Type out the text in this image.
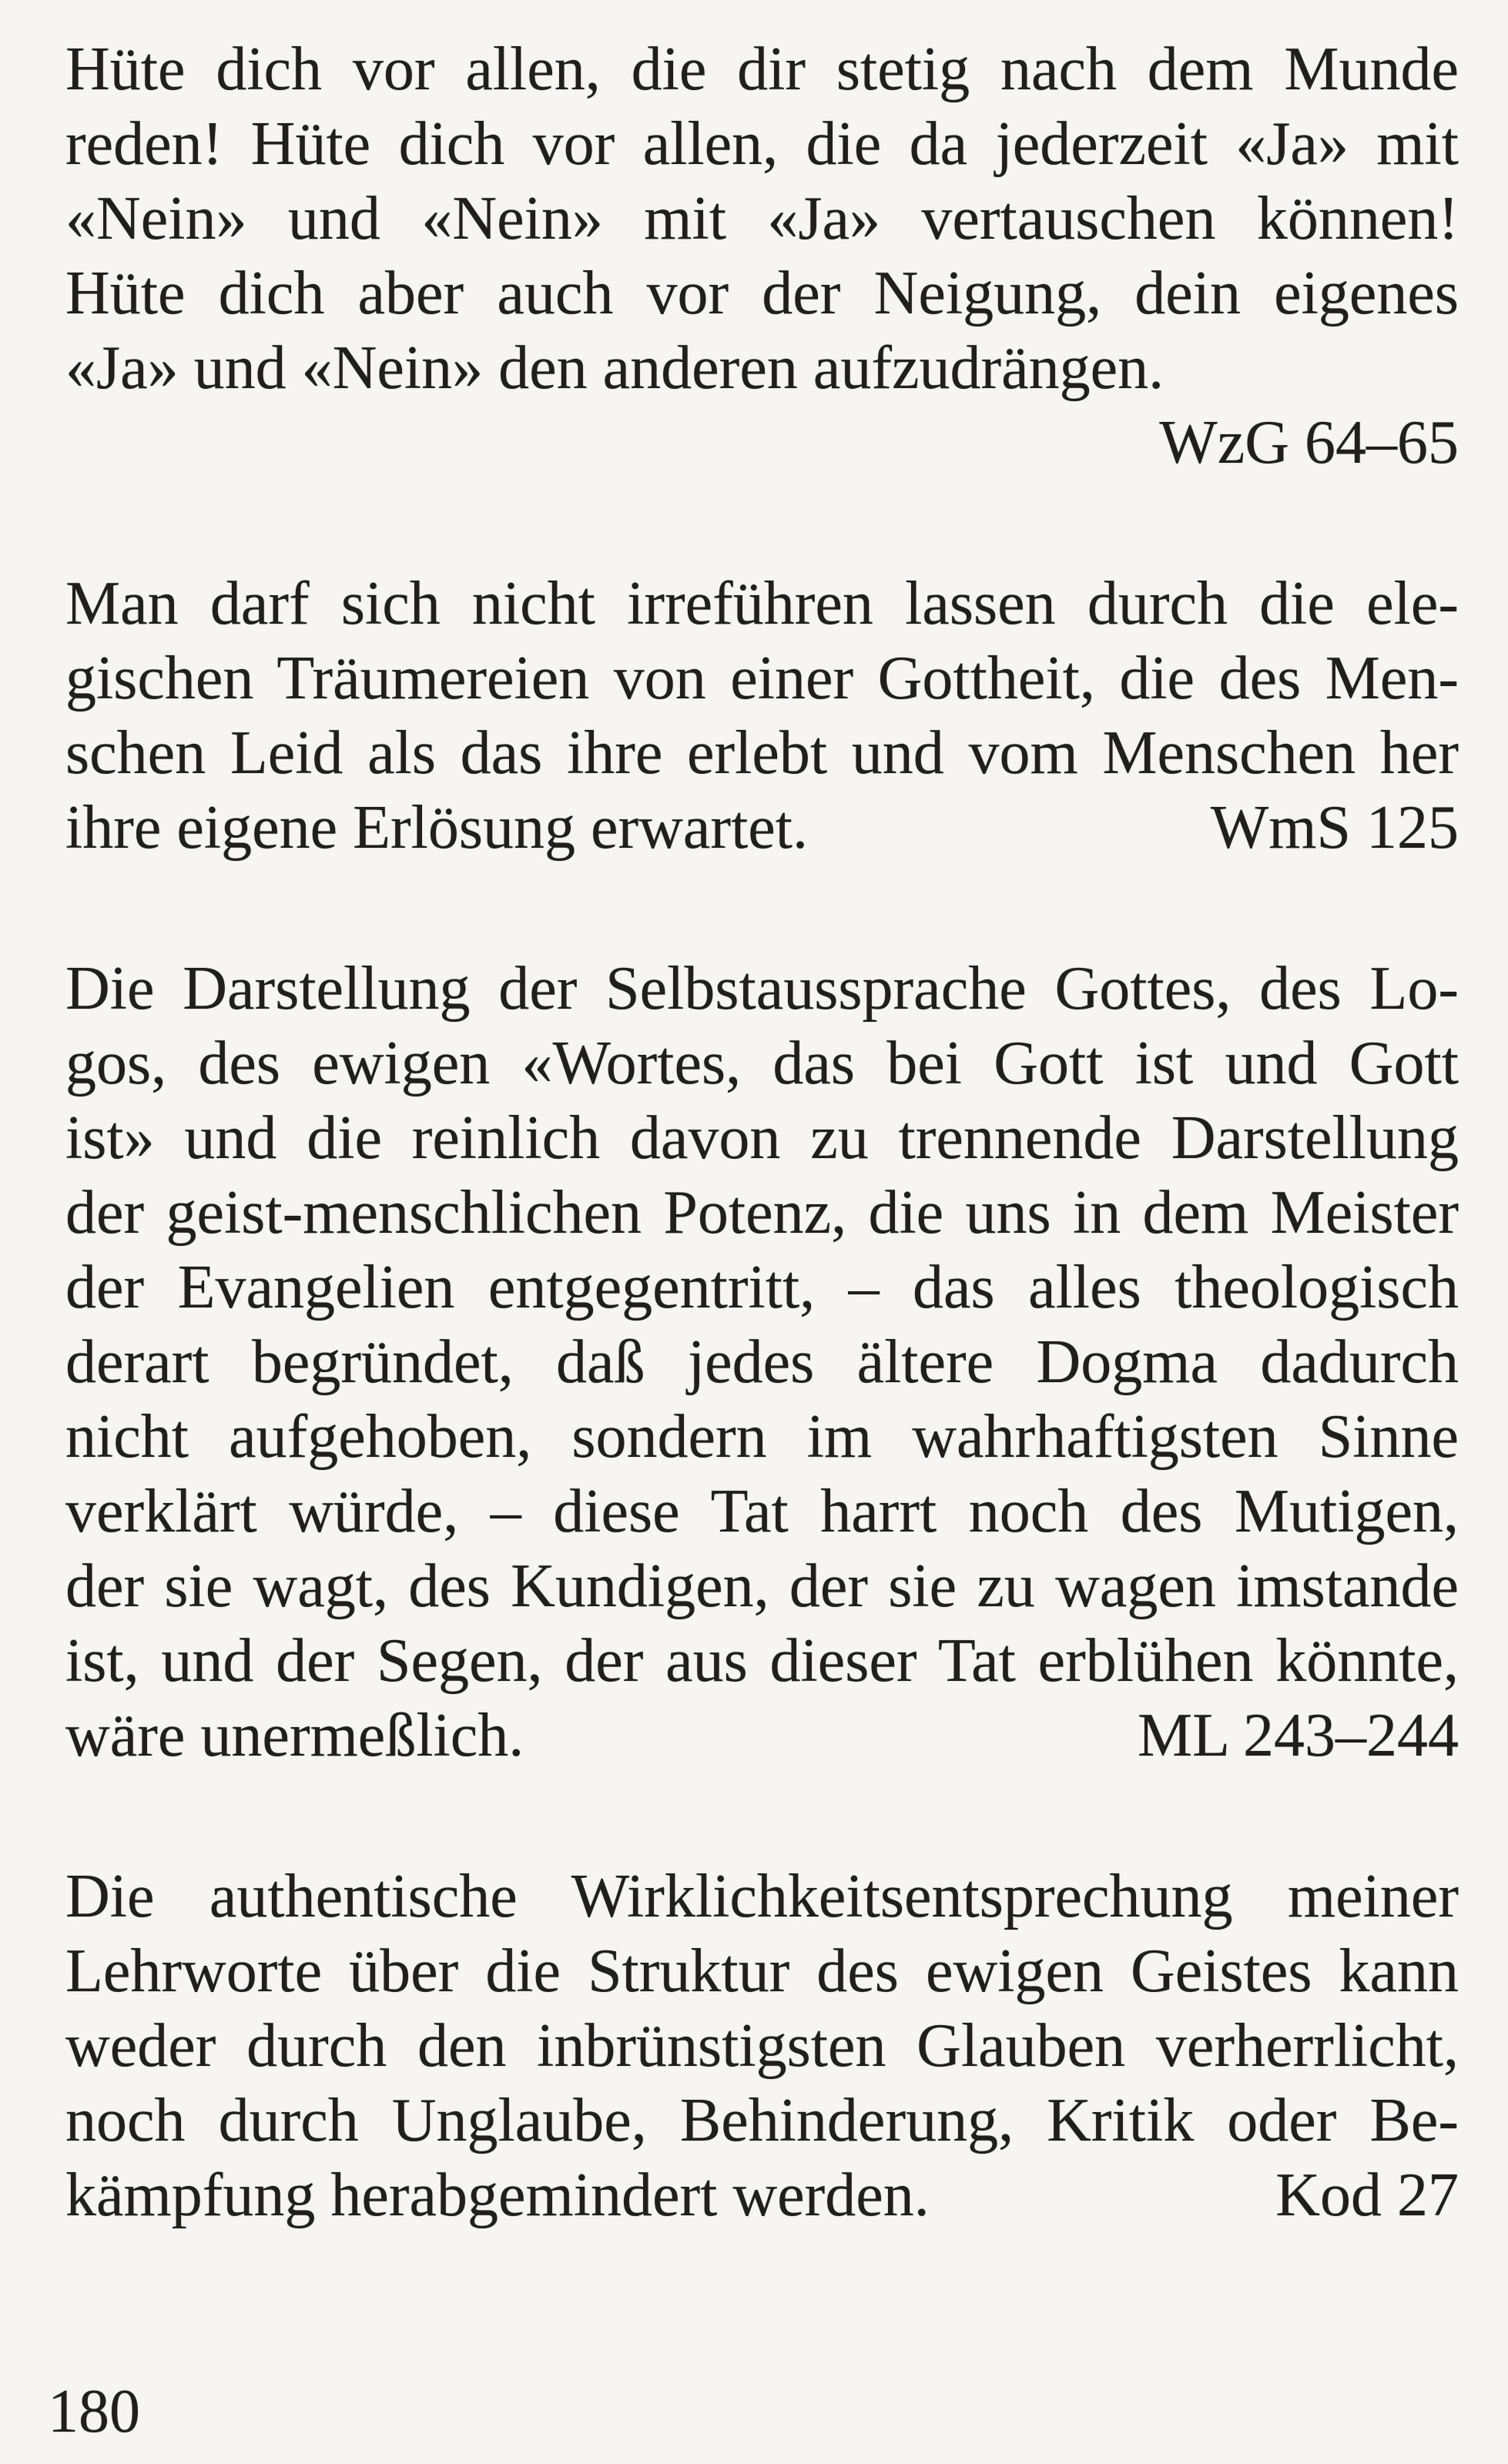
Hüte dich vor allen, die dir stetig nach dem Munde
reden! Hüte dich vor allen, die da jederzeit «Ja» mit
«Nein» und «Nein» mit «Ja» vertauschen können!
Hüte dich aber auch vor der Neigung, dein eigenes
«Ja» und «Nein» den anderen aufzudrängen.
WzG 64–65
Man darf sich nicht irreführen lassen durch die ele-
gischen Träumereien von einer Gottheit, die des Men-
schen Leid als das ihre erlebt und vom Menschen her
ihre eigene Erlösung erwartet.	WmS 125
Die Darstellung der Selbstaussprache Gottes, des Lo-
gos, des ewigen «Wortes, das bei Gott ist und Gott
ist» und die reinlich davon zu trennende Darstellung
der geist-menschlichen Potenz, die uns in dem Meister
der Evangelien entgegentritt, – das alles theologisch
derart begründet, daß jedes ältere Dogma dadurch
nicht aufgehoben, sondern im wahrhaftigsten Sinne
verklärt würde, – diese Tat harrt noch des Mutigen,
der sie wagt, des Kundigen, der sie zu wagen imstande
ist, und der Segen, der aus dieser Tat erblühen könnte,
wäre unermeßlich.	ML 243–244
Die authentische Wirklichkeitsentsprechung meiner
Lehrworte über die Struktur des ewigen Geistes kann
weder durch den inbrünstigsten Glauben verherrlicht,
noch durch Unglaube, Behinderung, Kritik oder Be-
kämpfung herabgemindert werden.	Kod 27
180
